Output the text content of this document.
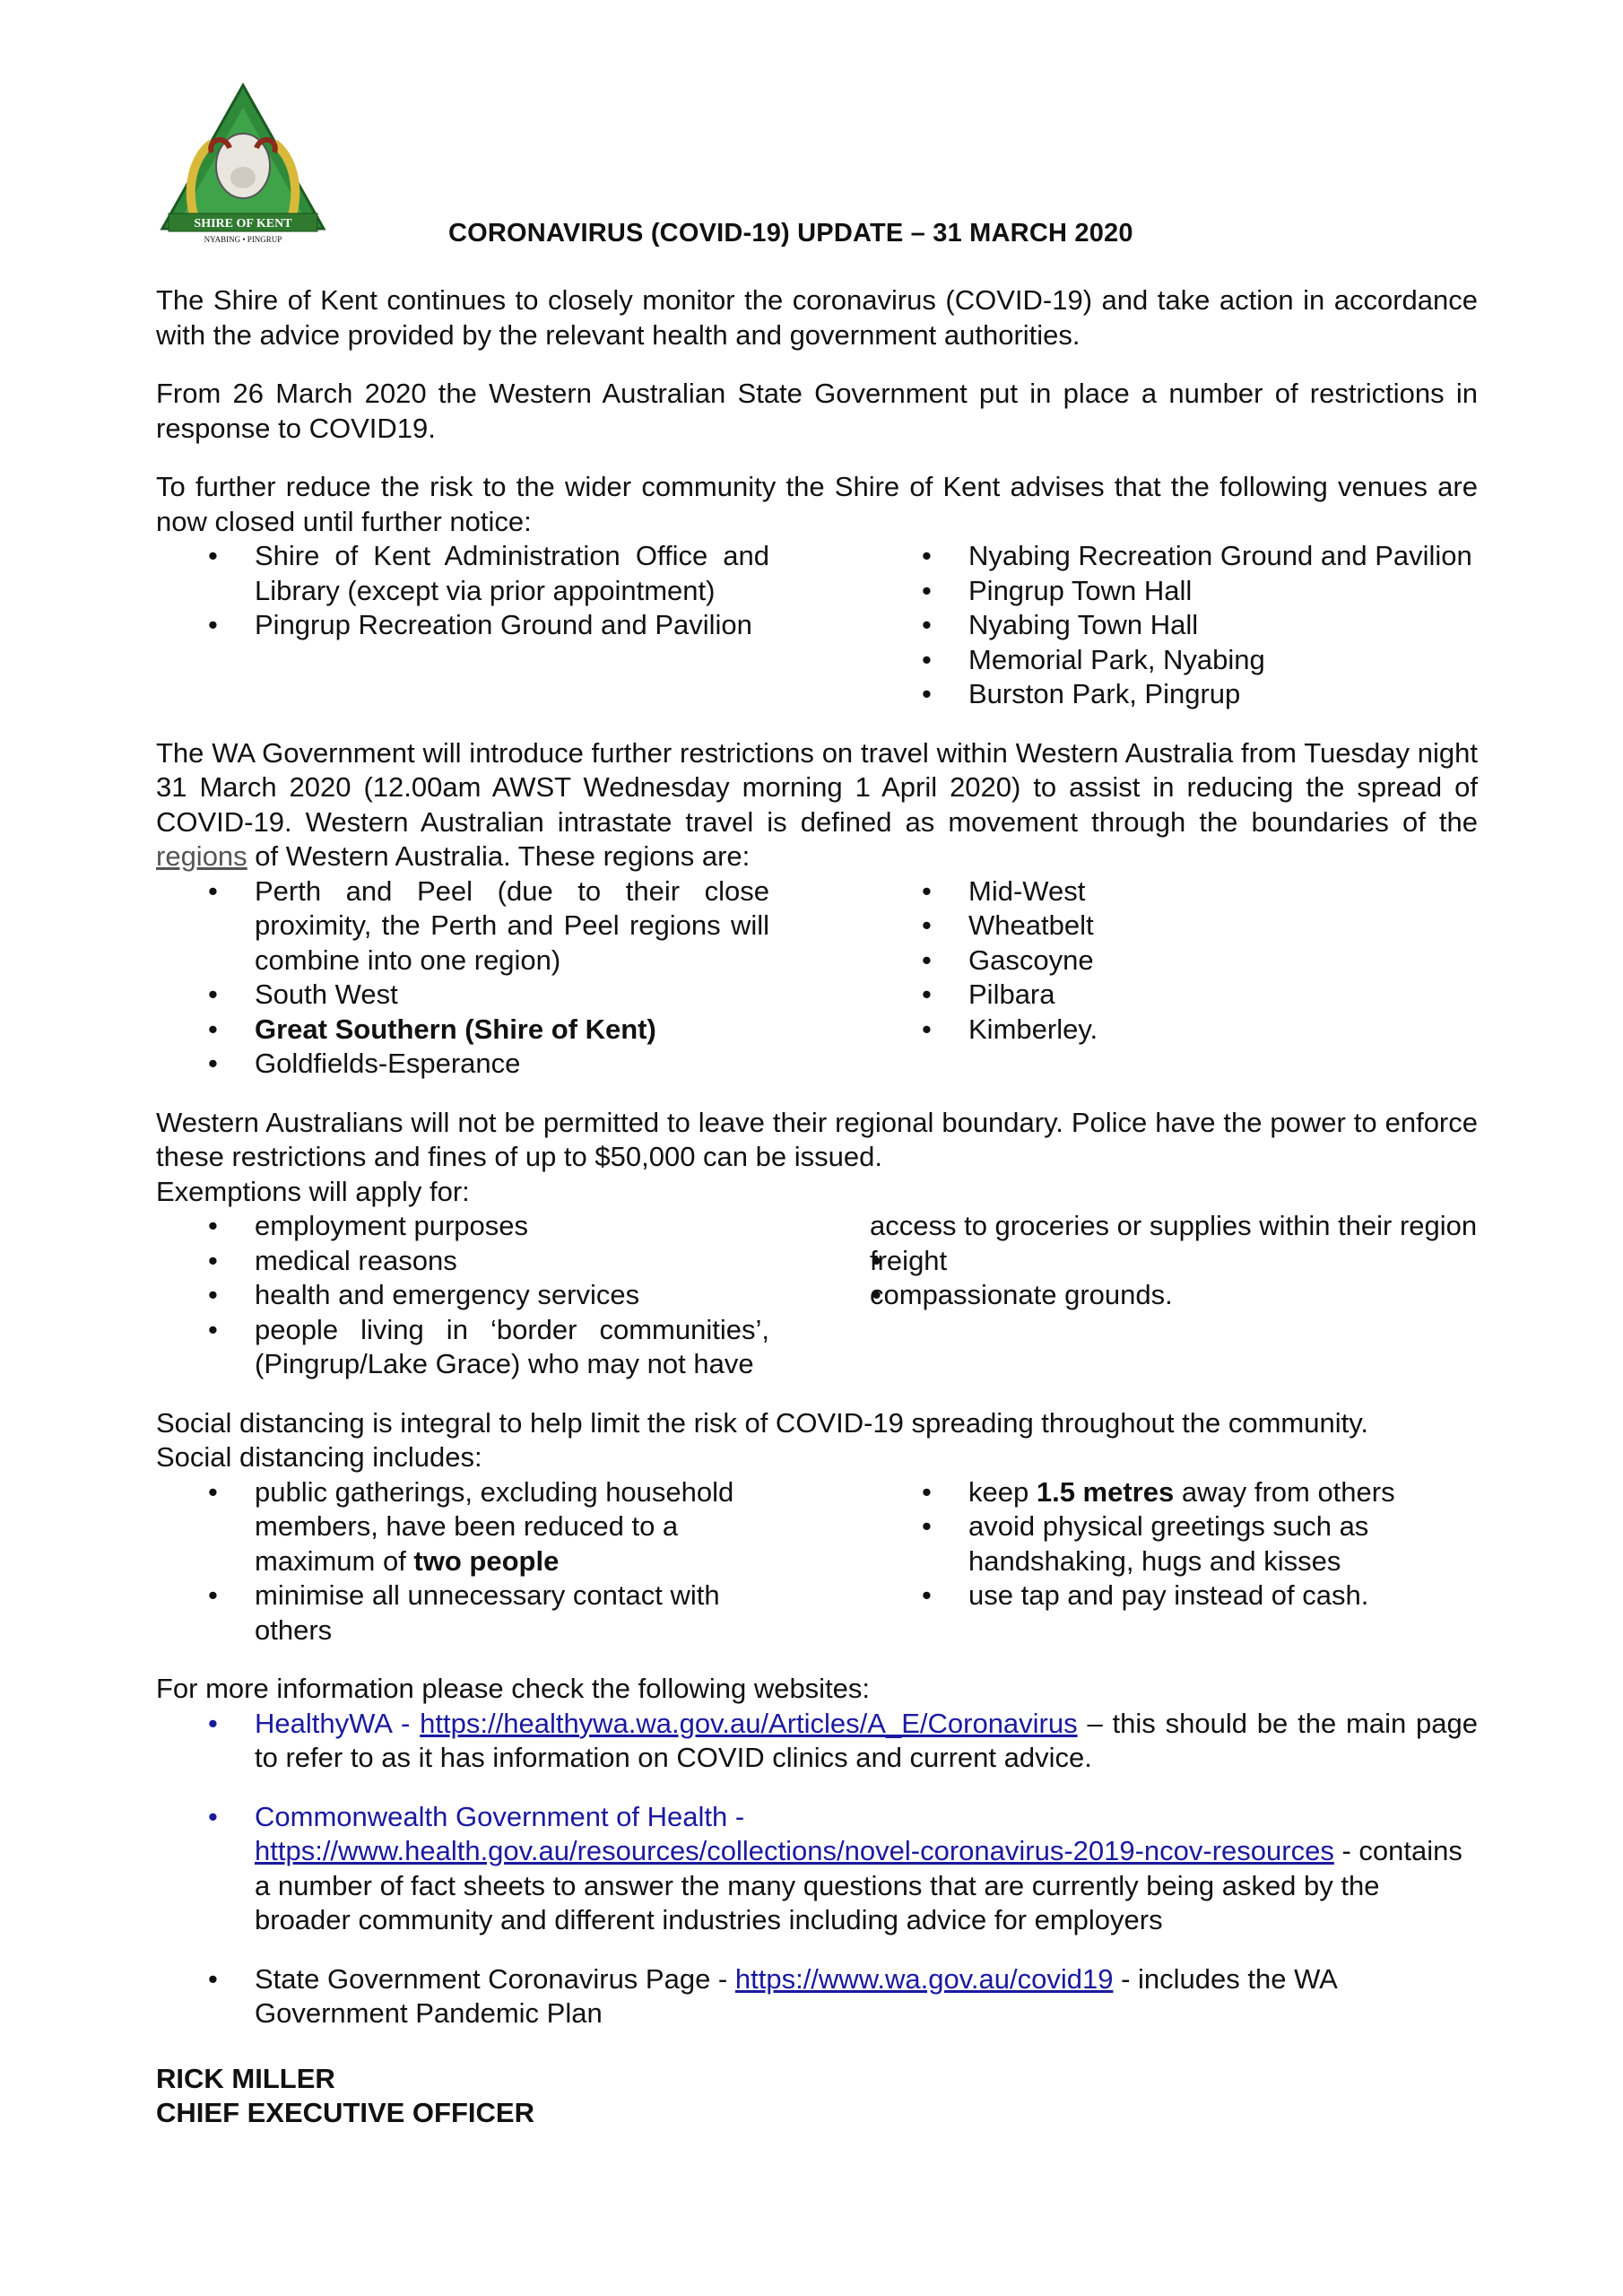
SHIRE OF KENT
NYABING • PINGRUP	CORONAVIRUS (COVID-19) UPDATE – 31 MARCH 2020

The Shire of Kent continues to closely monitor the coronavirus (COVID-19) and take action in accordance with the advice provided by the relevant health and government authorities.

From 26 March 2020 the Western Australian State Government put in place a number of restrictions in response to COVID19.

To further reduce the risk to the wider community the Shire of Kent advises that the following venues are now closed until further notice:

• Shire of Kent Administration Office and Library (except via prior appointment)
• Pingrup Recreation Ground and Pavilion
• Nyabing Recreation Ground and Pavilion
• Pingrup Town Hall
• Nyabing Town Hall
• Memorial Park, Nyabing
• Burston Park, Pingrup

The WA Government will introduce further restrictions on travel within Western Australia from Tuesday night 31 March 2020 (12.00am AWST Wednesday morning 1 April 2020) to assist in reducing the spread of COVID-19. Western Australian intrastate travel is defined as movement through the boundaries of the regions of Western Australia. These regions are:

• Perth and Peel (due to their close proximity, the Perth and Peel regions will combine into one region)
• South West
• Great Southern (Shire of Kent)
• Goldfields-Esperance
• Mid-West
• Wheatbelt
• Gascoyne
• Pilbara
• Kimberley.

Western Australians will not be permitted to leave their regional boundary. Police have the power to enforce these restrictions and fines of up to $50,000 can be issued.

Exemptions will apply for:

• employment purposes
• medical reasons
• health and emergency services
• people living in ‘border communities’, (Pingrup/Lake Grace) who may not have
access to groceries or supplies within their region
• freight
• compassionate grounds.

Social distancing is integral to help limit the risk of COVID-19 spreading throughout the community.

Social distancing includes:

• public gatherings, excluding household members, have been reduced to a maximum of two people
• minimise all unnecessary contact with others
• keep 1.5 metres away from others
• avoid physical greetings such as handshaking, hugs and kisses
• use tap and pay instead of cash.

For more information please check the following websites:

• HealthyWA - https://healthywa.wa.gov.au/Articles/A_E/Coronavirus – this should be the main page to refer to as it has information on COVID clinics and current advice.
• Commonwealth Government of Health -
https://www.health.gov.au/resources/collections/novel-coronavirus-2019-ncov-resources - contains a number of fact sheets to answer the many questions that are currently being asked by the broader community and different industries including advice for employers
• State Government Coronavirus Page - https://www.wa.gov.au/covid19 - includes the WA Government Pandemic Plan
RICK MILLER
CHIEF EXECUTIVE OFFICER
